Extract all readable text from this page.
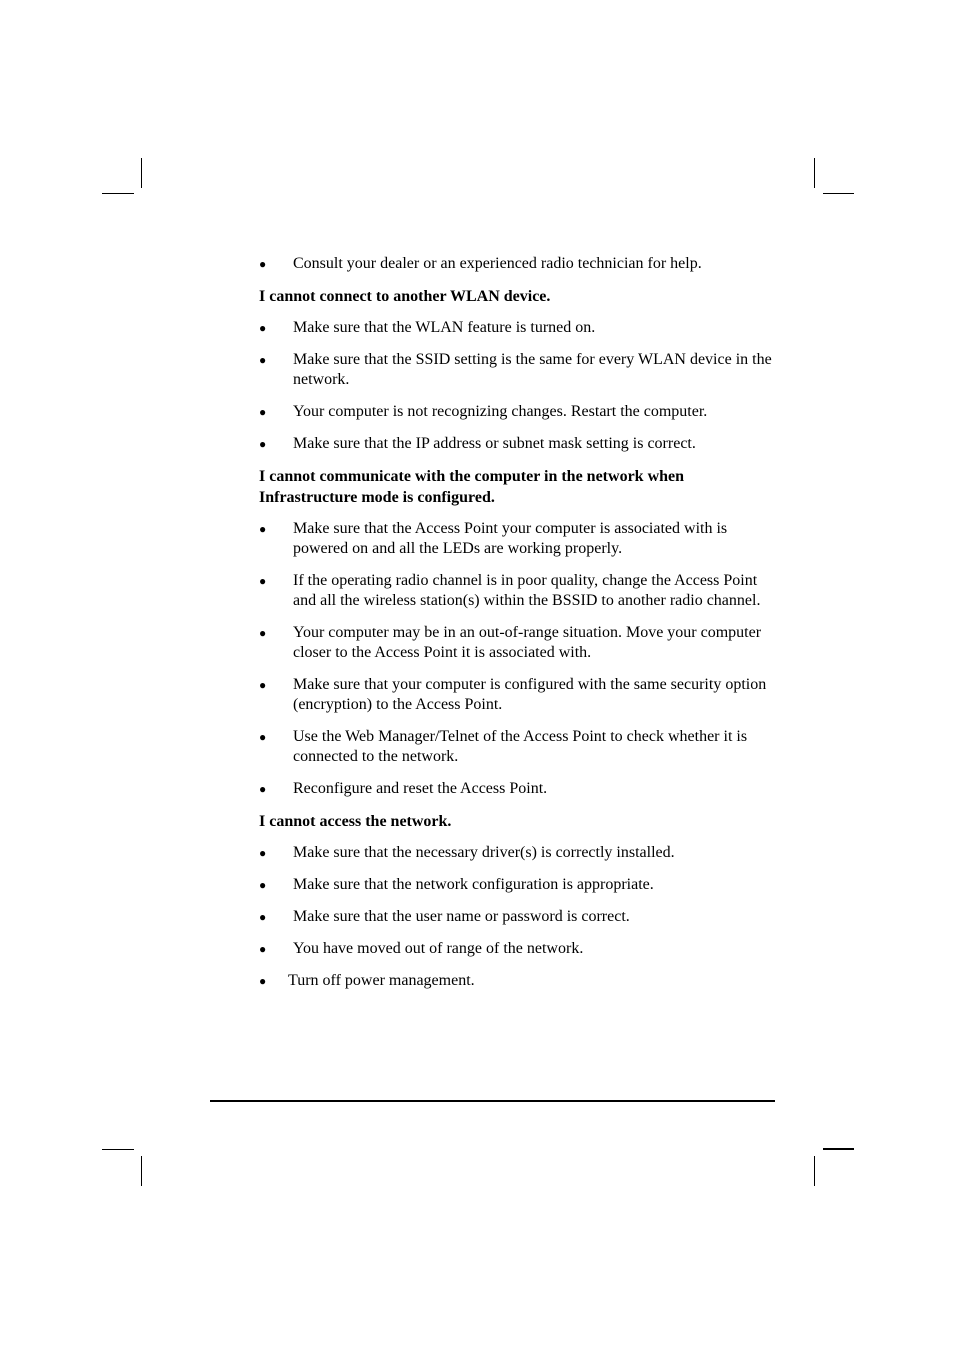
● Consult your dealer or an experienced radio technician for help.
I cannot connect to another WLAN device.
● Make sure that the WLAN feature is turned on.
● Make sure that the SSID setting is the same for every WLAN device in the network.
● Your computer is not recognizing changes. Restart the computer.
● Make sure that the IP address or subnet mask setting is correct.
I cannot communicate with the computer in the network when Infrastructure mode is configured.
● Make sure that the Access Point your computer is associated with is powered on and all the LEDs are working properly.
● If the operating radio channel is in poor quality, change the Access Point and all the wireless station(s) within the BSSID to another radio channel.
● Your computer may be in an out-of-range situation. Move your computer closer to the Access Point it is associated with.
● Make sure that your computer is configured with the same security option (encryption) to the Access Point.
● Use the Web Manager/Telnet of the Access Point to check whether it is connected to the network.
● Reconfigure and reset the Access Point.
I cannot access the network.
● Make sure that the necessary driver(s) is correctly installed.
● Make sure that the network configuration is appropriate.
● Make sure that the user name or password is correct.
● You have moved out of range of the network.
● Turn off power management.
